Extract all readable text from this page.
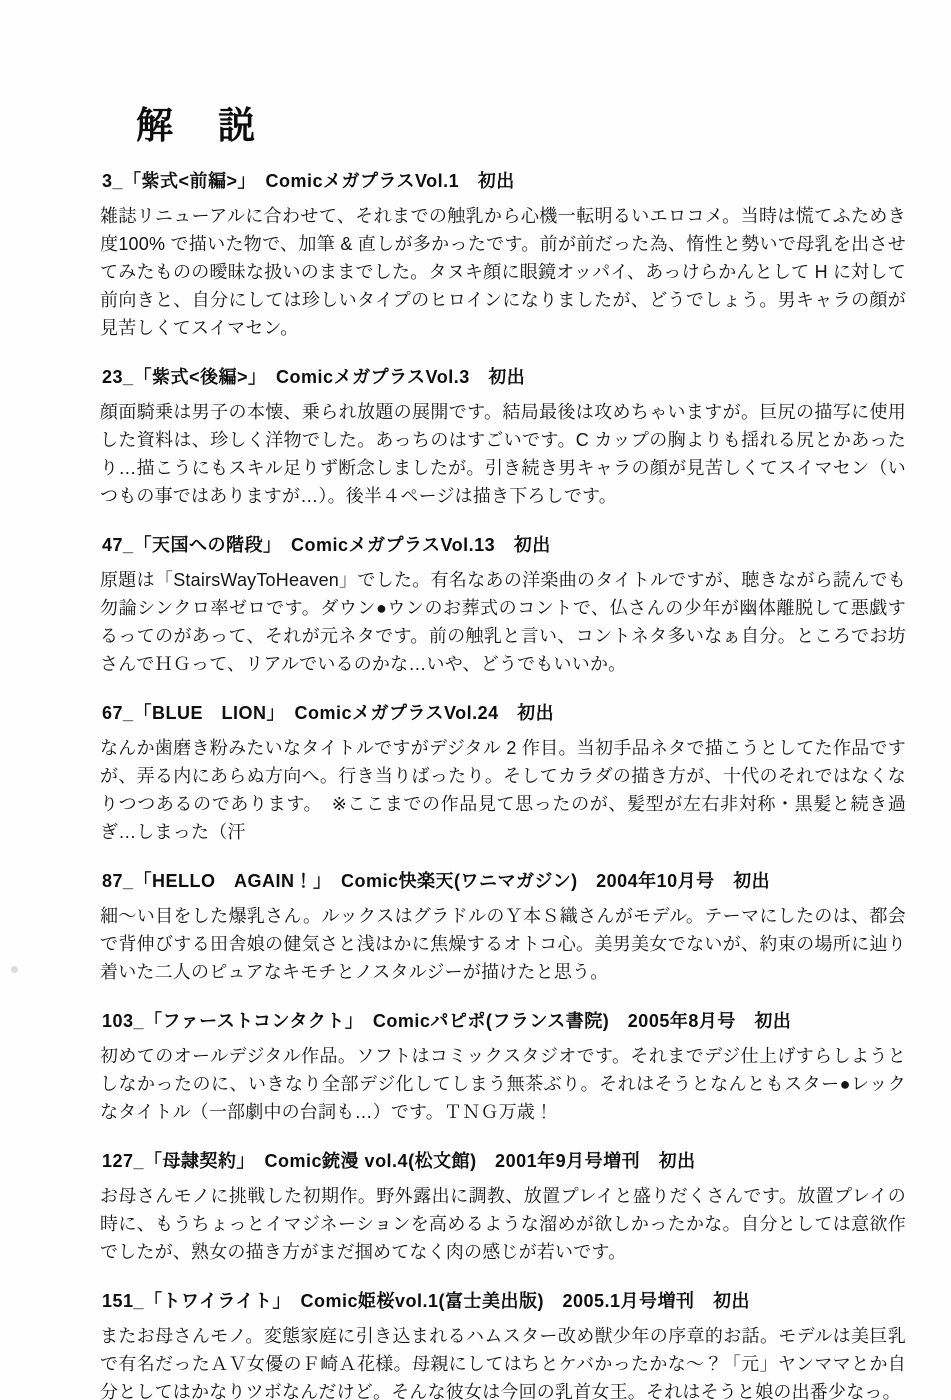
解　説
3_「紫式<前編>」　ComicメガプラスVol.1　初出

雑誌リニューアルに合わせて、それまでの触乳から心機一転明るいエロコメ。当時は慌てふためき度100% で描いた物で、加筆 & 直しが多かったです。前が前だった為、惰性と勢いで母乳を出させてみたものの曖昧な扱いのままでした。タヌキ顔に眼鏡オッパイ、あっけらかんとして H に対して前向きと、自分にしては珍しいタイプのヒロインになりましたが、どうでしょう。男キャラの顔が見苦しくてスイマセン。

23_「紫式<後編>」　ComicメガプラスVol.3　初出

顔面騎乗は男子の本懐、乗られ放題の展開です。結局最後は攻めちゃいますが。巨尻の描写に使用した資料は、珍しく洋物でした。あっちのはすごいです。C カップの胸よりも揺れる尻とかあったり…描こうにもスキル足りず断念しましたが。引き続き男キャラの顔が見苦しくてスイマセン（いつもの事ではありますが…）。後半４ページは描き下ろしです。

47_「天国への階段」　ComicメガプラスVol.13　初出

原題は「StairsWayToHeaven」でした。有名なあの洋楽曲のタイトルですが、聴きながら読んでも勿論シンクロ率ゼロです。ダウン●ウンのお葬式のコントで、仏さんの少年が幽体離脱して悪戯するってのがあって、それが元ネタです。前の触乳と言い、コントネタ多いなぁ自分。ところでお坊さんでＨＧって、リアルでいるのかな…いや、どうでもいいか。

67_「BLUE　LION」　ComicメガプラスVol.24　初出

なんか歯磨き粉みたいなタイトルですがデジタル 2 作目。当初手品ネタで描こうとしてた作品ですが、弄る内にあらぬ方向へ。行き当りばったり。そしてカラダの描き方が、十代のそれではなくなりつつあるのであります。　※ここまでの作品見て思ったのが、髪型が左右非対称・黒髪と続き過ぎ…しまった（汗

87_「HELLO　AGAIN！」　Comic快楽天(ワニマガジン)　2004年10月号　初出

細～い目をした爆乳さん。ルックスはグラドルのＹ本Ｓ織さんがモデル。テーマにしたのは、都会で背伸びする田舎娘の健気さと浅はかに焦燥するオトコ心。美男美女でないが、約束の場所に辿り着いた二人のピュアなキモチとノスタルジーが描けたと思う。

103_「ファーストコンタクト」　Comicパピポ(フランス書院)　2005年8月号　初出

初めてのオールデジタル作品。ソフトはコミックスタジオです。それまでデジ仕上げすらしようとしなかったのに、いきなり全部デジ化してしまう無茶ぶり。それはそうとなんともスター●レックなタイトル（一部劇中の台詞も…）です。ＴＮＧ万歳！

127_「母隷契約」　Comic銃漫 vol.4(松文館)　2001年9月号増刊　初出

お母さんモノに挑戦した初期作。野外露出に調教、放置プレイと盛りだくさんです。放置プレイの時に、もうちょっとイマジネーションを高めるような溜めが欲しかったかな。自分としては意欲作でしたが、熟女の描き方がまだ掴めてなく肉の感じが若いです。

151_「トワイライト」　Comic姫桜vol.1(富士美出版)　2005.1月号増刊　初出

またお母さんモノ。変態家庭に引き込まれるハムスター改め獣少年の序章的お話。モデルは美巨乳で有名だったＡＶ女優のＦ崎Ａ花様。母親にしてはちとケバかったかな～？「元」ヤンママとか自分としてはかなりツボなんだけど。そんな彼女は今回の乳首女王。それはそうと娘の出番少なっ。
